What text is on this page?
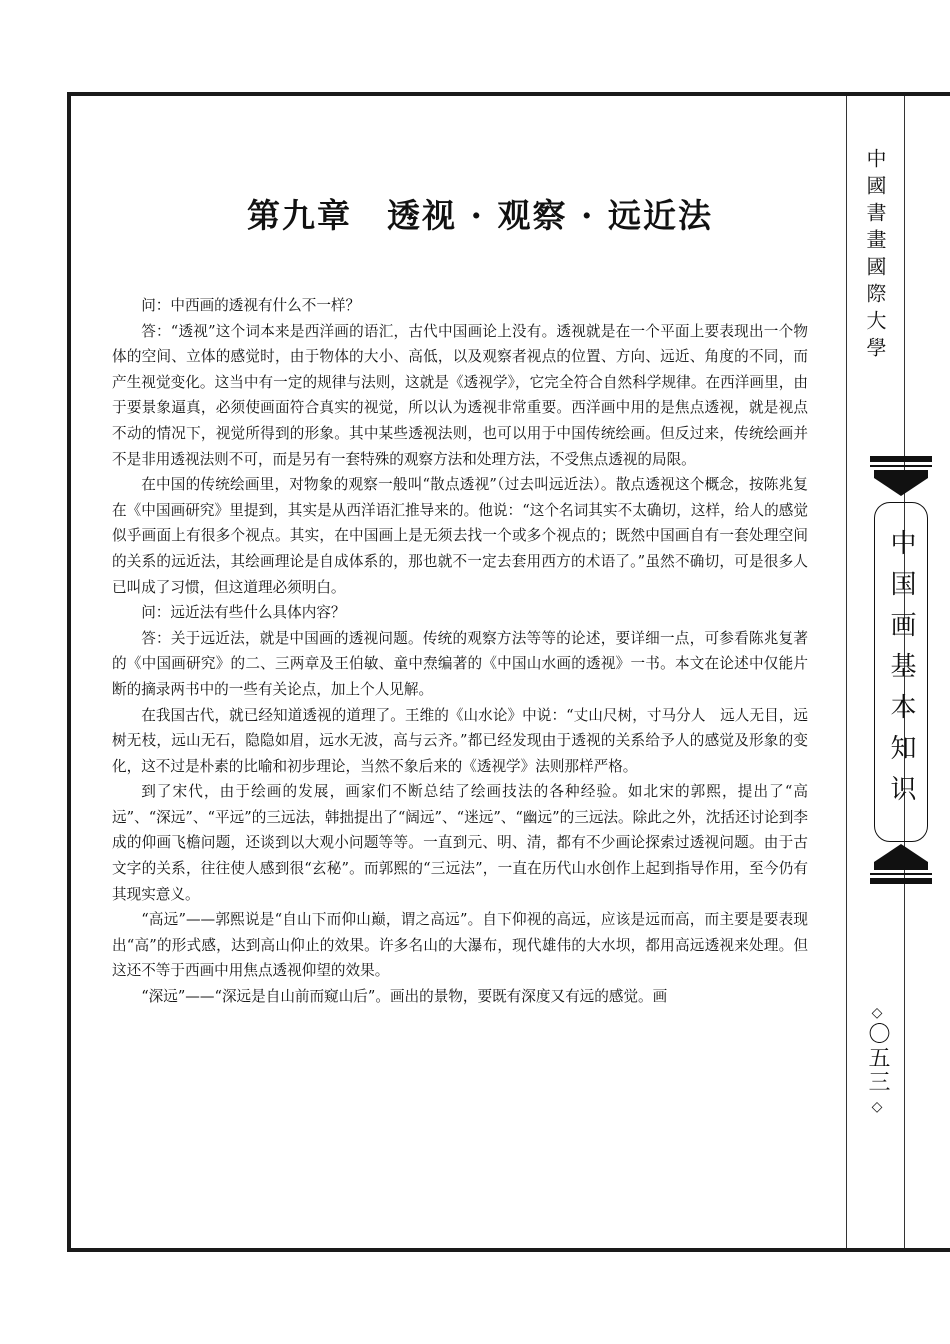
第九章　透视 · 观察 · 远近法

问：中西画的透视有什么不一样？

答：“透视”这个词本来是西洋画的语汇，古代中国画论上没有。透视就是在一个平面上要表现出一个物体的空间、立体的感觉时，由于物体的大小、高低，以及观察者视点的位置、方向、远近、角度的不同，而产生视觉变化。这当中有一定的规律与法则，这就是《透视学》，它完全符合自然科学规律。在西洋画里，由于要景象逼真，必须使画面符合真实的视觉，所以认为透视非常重要。西洋画中用的是焦点透视，就是视点不动的情况下，视觉所得到的形象。其中某些透视法则，也可以用于中国传统绘画。但反过来，传统绘画并不是非用透视法则不可，而是另有一套特殊的观察方法和处理方法，不受焦点透视的局限。

在中国的传统绘画里，对物象的观察一般叫“散点透视”（过去叫远近法）。散点透视这个概念，按陈兆复在《中国画研究》里提到，其实是从西洋语汇推导来的。他说：“这个名词其实不太确切，这样，给人的感觉似乎画面上有很多个视点。其实，在中国画上是无须去找一个或多个视点的；既然中国画自有一套处理空间的关系的远近法，其绘画理论是自成体系的，那也就不一定去套用西方的术语了。”虽然不确切，可是很多人已叫成了习惯，但这道理必须明白。

问：远近法有些什么具体内容？

答：关于远近法，就是中国画的透视问题。传统的观察方法等等的论述，要详细一点，可参看陈兆复著的《中国画研究》的二、三两章及王伯敏、童中焘编著的《中国山水画的透视》一书。本文在论述中仅能片断的摘录两书中的一些有关论点，加上个人见解。

在我国古代，就已经知道透视的道理了。王维的《山水论》中说：“丈山尺树，寸马分人　远人无目，远树无枝，远山无石，隐隐如眉，远水无波，高与云齐。”都已经发现由于透视的关系给予人的感觉及形象的变化，这不过是朴素的比喻和初步理论，当然不象后来的《透视学》法则那样严格。

到了宋代，由于绘画的发展，画家们不断总结了绘画技法的各种经验。如北宋的郭熙，提出了“高远”、“深远”、“平远”的三远法，韩拙提出了“阔远”、“迷远”、“幽远”的三远法。除此之外，沈括还讨论到李成的仰画飞檐问题，还谈到以大观小问题等等。一直到元、明、清，都有不少画论探索过透视问题。由于古文字的关系，往往使人感到很“玄秘”。而郭熙的“三远法”，一直在历代山水创作上起到指导作用，至今仍有其现实意义。

“高远”——郭熙说是“自山下而仰山巅，谓之高远”。自下仰视的高远，应该是远而高，而主要是要表现出“高”的形式感，达到高山仰止的效果。许多名山的大瀑布，现代雄伟的大水坝，都用高远透视来处理。但这还不等于西画中用焦点透视仰望的效果。

“深远”——“深远是自山前而窥山后”。画出的景物，要既有深度又有远的感觉。画

中國書畫國際大學
中国画基本知识
◇
〇五三
◇
